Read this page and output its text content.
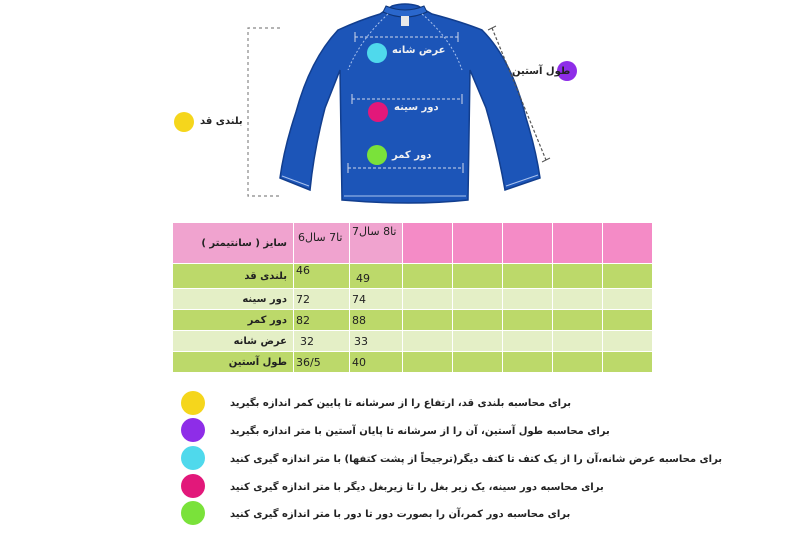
بلندی قد
عرض شانه
دور سینه
دور کمر
طول آستین
سایز ( سانتیمتر )	6تا7 سال	7تا8 سال					
بلندی قد	46	49					
دور سینه	72	74					
دور کمر	82	88					
عرض شانه	32	33					
طول آستین	36/5	40					
برای محاسبه بلندی قد، ارتفاع را از سرشانه تا پایین کمر اندازه بگیرید
برای محاسبه طول آستین، آن را از سرشانه تا پایان آستین با متر اندازه بگیرید
برای محاسبه عرض شانه،آن را از یک کتف تا کتف دیگر(ترجیحاً از پشت کتفها) با متر اندازه گیری کنید
برای محاسبه دور سینه، یک زیر بغل را تا زیربغل دیگر با متر اندازه گیری کنید
برای محاسبه دور کمر،آن را بصورت دور تا دور با متر اندازه گیری کنید
